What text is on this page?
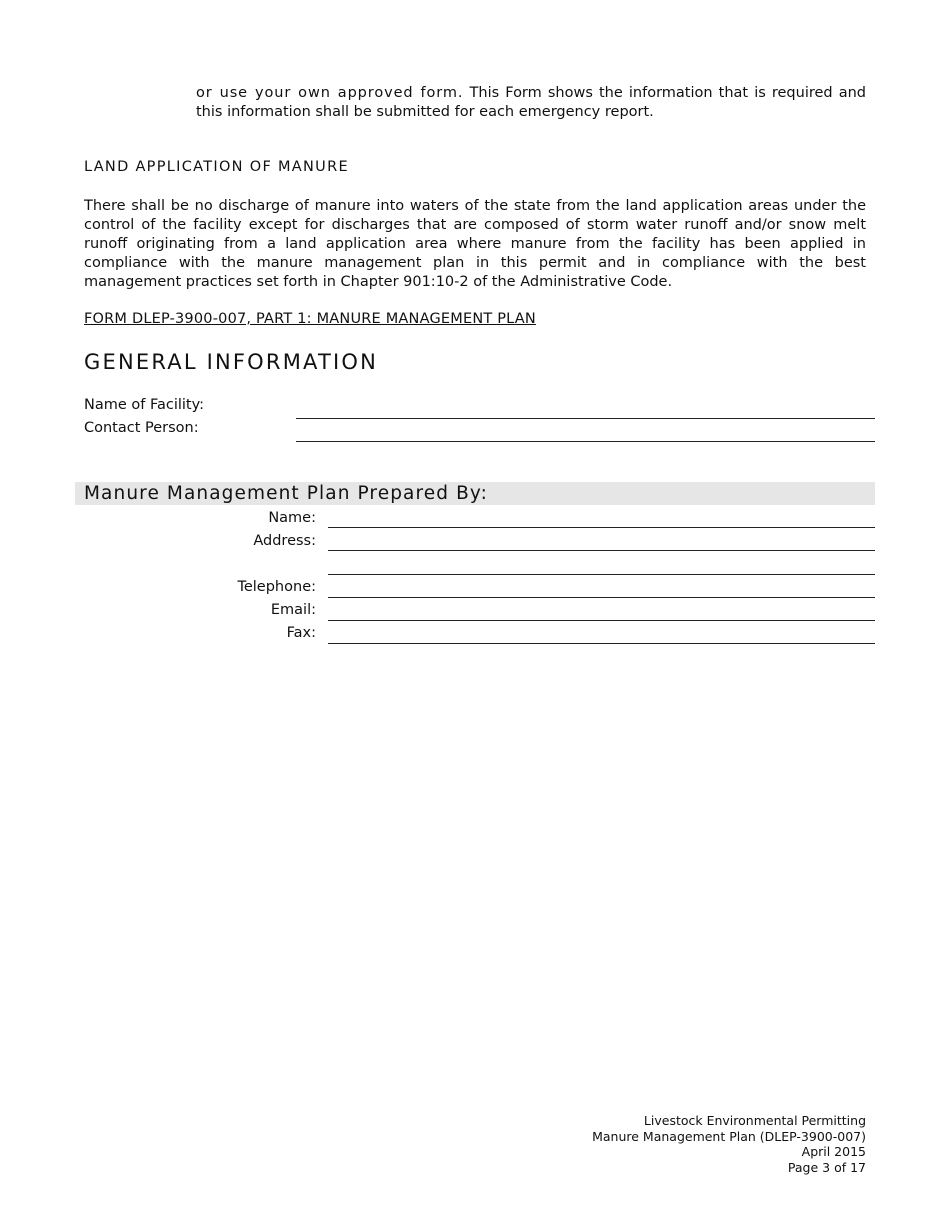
or use your own approved form. This Form shows the information that is required and this information shall be submitted for each emergency report.
LAND APPLICATION OF MANURE
There shall be no discharge of manure into waters of the state from the land application areas under the control of the facility except for discharges that are composed of storm water runoff and/or snow melt runoff originating from a land application area where manure from the facility has been applied in compliance with the manure management plan in this permit and in compliance with the best management practices set forth in Chapter 901:10-2 of the Administrative Code.
FORM DLEP-3900-007, PART 1: MANURE MANAGEMENT PLAN
GENERAL INFORMATION
Name of Facility:
Contact Person:
Manure Management Plan Prepared By:
Name:
Address:
Telephone:
Email:
Fax:
Livestock Environmental Permitting
Manure Management Plan (DLEP-3900-007)
April 2015
Page 3 of 17
